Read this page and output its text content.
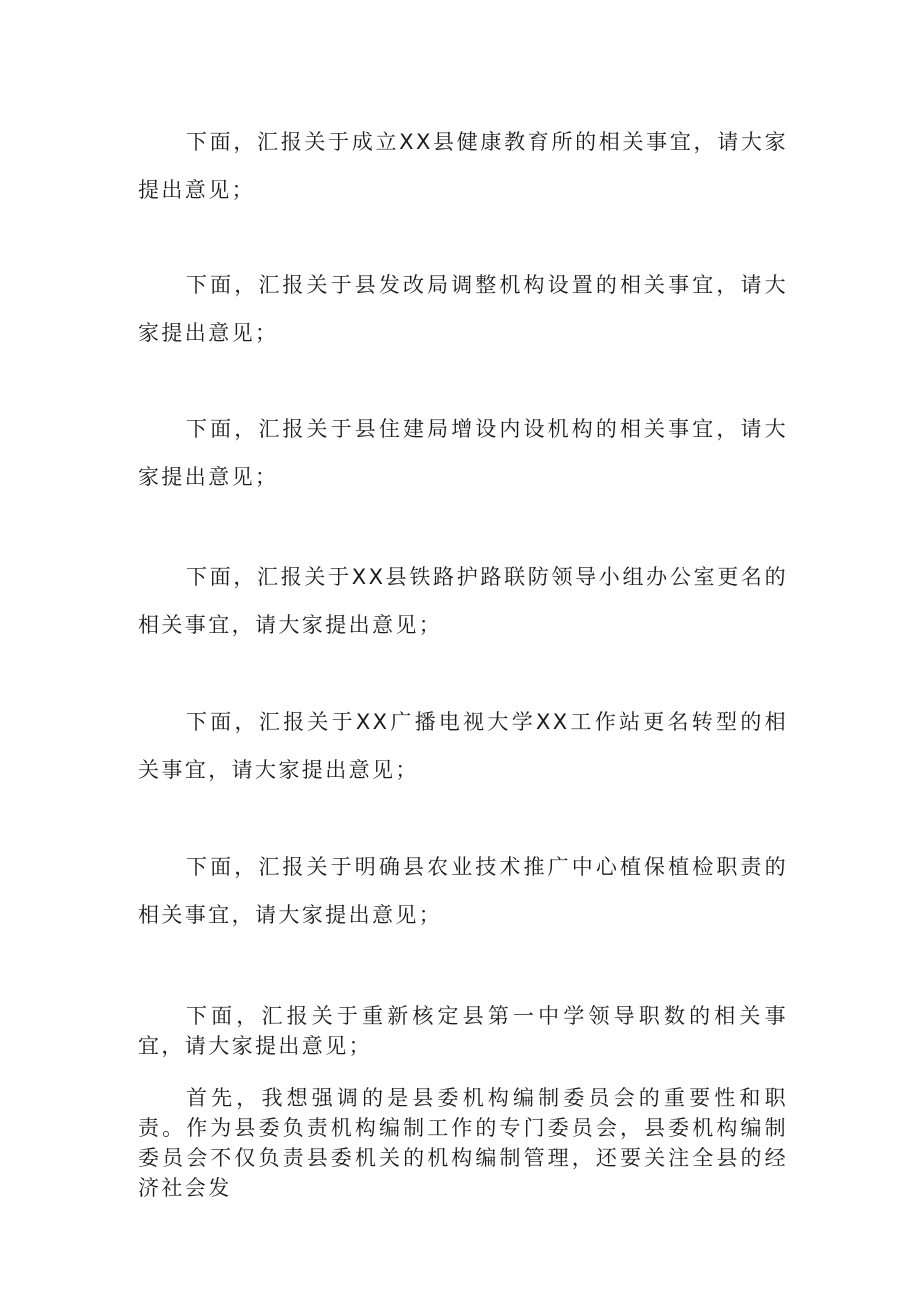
下面，汇报关于成立XX县健康教育所的相关事宜，请大家提出意见；

下面，汇报关于县发改局调整机构设置的相关事宜，请大家提出意见；

下面，汇报关于县住建局增设内设机构的相关事宜，请大家提出意见；

下面，汇报关于XX县铁路护路联防领导小组办公室更名的相关事宜，请大家提出意见；

下面，汇报关于XX广播电视大学XX工作站更名转型的相关事宜，请大家提出意见；

下面，汇报关于明确县农业技术推广中心植保植检职责的相关事宜，请大家提出意见；

下面，汇报关于重新核定县第一中学领导职数的相关事宜，请大家提出意见；

首先，我想强调的是县委机构编制委员会的重要性和职责。作为县委负责机构编制工作的专门委员会，县委机构编制委员会不仅负责县委机关的机构编制管理，还要关注全县的经济社会发
